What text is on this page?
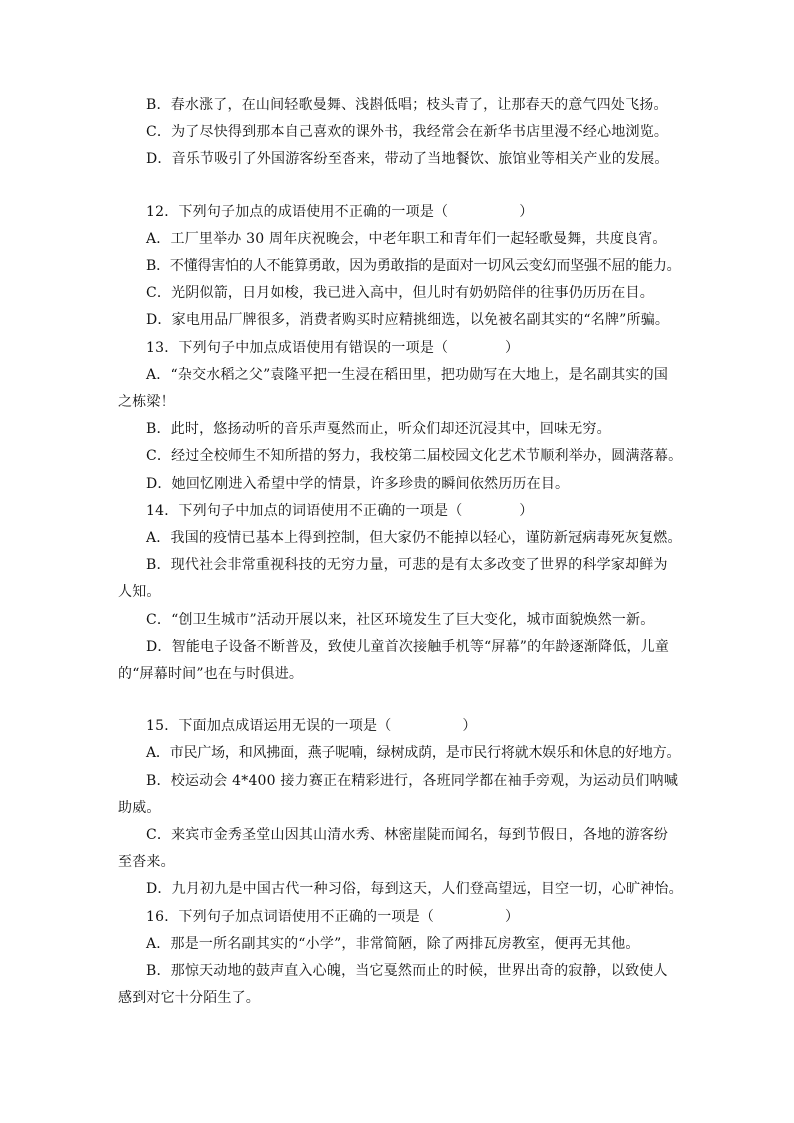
B．春水涨了，在山间轻歌曼舞、浅斟低唱；枝头青了，让那春天的意气四处飞扬。

C．为了尽快得到那本自己喜欢的课外书，我经常会在新华书店里漫不经心地浏览。

D．音乐节吸引了外国游客纷至沓来，带动了当地餐饮、旅馆业等相关产业的发展。

12．下列句子加点的成语使用不正确的一项是（　　　　　）

A．工厂里举办 30 周年庆祝晚会，中老年职工和青年们一起轻歌曼舞，共度良宵。

B．不懂得害怕的人不能算勇敢，因为勇敢指的是面对一切风云变幻而坚强不屈的能力。

C．光阴似箭，日月如梭，我已进入高中，但儿时有奶奶陪伴的往事仍历历在目。

D．家电用品厂牌很多，消费者购买时应精挑细选，以免被名副其实的“名牌”所骗。

13．下列句子中加点成语使用有错误的一项是（　　　　）

A．“杂交水稻之父”袁隆平把一生浸在稻田里，把功勋写在大地上，是名副其实的国之栋梁！

B．此时，悠扬动听的音乐声戛然而止，听众们却还沉浸其中，回味无穷。

C．经过全校师生不知所措的努力，我校第二届校园文化艺术节顺利举办，圆满落幕。

D．她回忆刚进入希望中学的情景，许多珍贵的瞬间依然历历在目。

14．下列句子中加点的词语使用不正确的一项是（　　　　）

A．我国的疫情已基本上得到控制，但大家仍不能掉以轻心，谨防新冠病毒死灰复燃。

B．现代社会非常重视科技的无穷力量，可悲的是有太多改变了世界的科学家却鲜为人知。

C．“创卫生城市”活动开展以来，社区环境发生了巨大变化，城市面貌焕然一新。

D．智能电子设备不断普及，致使儿童首次接触手机等“屏幕”的年龄逐渐降低，儿童的“屏幕时间”也在与时俱进。

15．下面加点成语运用无误的一项是（　　　　　）

A．市民广场，和风拂面，燕子呢喃，绿树成荫，是市民行将就木娱乐和休息的好地方。

B．校运动会 4*400 接力赛正在精彩进行，各班同学都在袖手旁观，为运动员们呐喊助威。

C．来宾市金秀圣堂山因其山清水秀、林密崖陡而闻名，每到节假日，各地的游客纷至沓来。

D．九月初九是中国古代一种习俗，每到这天，人们登高望远，目空一切，心旷神怡。

16．下列句子加点词语使用不正确的一项是（　　　　　）

A．那是一所名副其实的“小学”，非常简陋，除了两排瓦房教室，便再无其他。

B．那惊天动地的鼓声直入心魄，当它戛然而止的时候，世界出奇的寂静，以致使人感到对它十分陌生了。
